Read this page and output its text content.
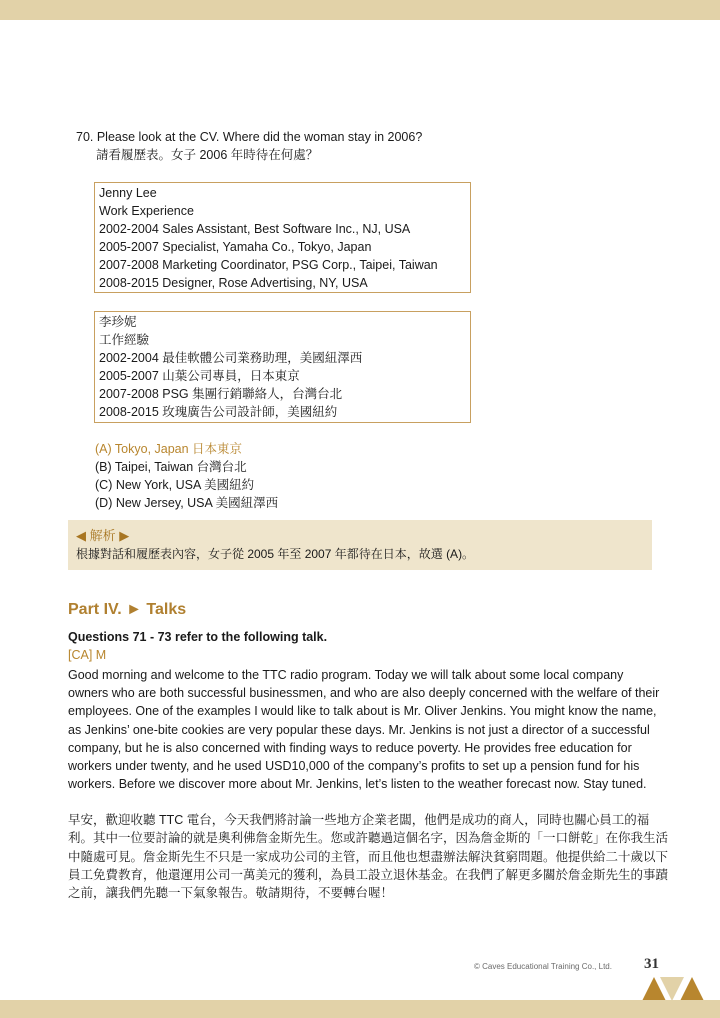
70. Please look at the CV. Where did the woman stay in 2006?
請看履歷表。女子 2006 年時待在何處？
Jenny Lee
Work Experience
2002-2004 Sales Assistant, Best Software Inc., NJ, USA
2005-2007 Specialist, Yamaha Co., Tokyo, Japan
2007-2008 Marketing Coordinator, PSG Corp., Taipei, Taiwan
2008-2015 Designer, Rose Advertising, NY, USA
李珍妮
工作經驗
2002-2004 最佳軟體公司業務助理，美國紐澤西
2005-2007 山葉公司專員，日本東京
2007-2008 PSG 集團行銷聯絡人，台灣台北
2008-2015 玫瑰廣告公司設計師，美國紐約
(A) Tokyo, Japan 日本東京
(B) Taipei, Taiwan 台灣台北
(C) New York, USA 美國紐約
(D) New Jersey, USA 美國紐澤西
◀ 解析 ▶
根據對話和履歷表內容，女子從 2005 年至 2007 年都待在日本，故選 (A)。
Part IV. ► Talks
Questions 71 - 73 refer to the following talk.
[CA] M
Good morning and welcome to the TTC radio program. Today we will talk about some local company
owners who are both successful businessmen, and who are also deeply concerned with the welfare of their
employees. One of the examples I would like to talk about is Mr. Oliver Jenkins. You might know the name,
as Jenkins’ one-bite cookies are very popular these days. Mr. Jenkins is not just a director of a successful
company, but he is also concerned with finding ways to reduce poverty. He provides free education for
workers under twenty, and he used USD10,000 of the company’s profits to set up a pension fund for his
workers. Before we discover more about Mr. Jenkins, let’s listen to the weather forecast now. Stay tuned.
早安，歡迎收聽 TTC 電台，今天我們將討論一些地方企業老闆，他們是成功的商人，同時也關心員工的福
利。其中一位要討論的就是奧利佛詹金斯先生。您或許聽過這個名字，因為詹金斯的「一口餅乾」在你我生活
中隨處可見。詹金斯先生不只是一家成功公司的主管，而且他也想盡辦法解決貧窮問題。他提供給二十歲以下
員工免費教育，他還運用公司一萬美元的獲利，為員工設立退休基金。在我們了解更多關於詹金斯先生的事蹟
之前，讓我們先聽一下氣象報告。敬請期待，不要轉台喔！
© Caves Educational Training Co., Ltd. 31
